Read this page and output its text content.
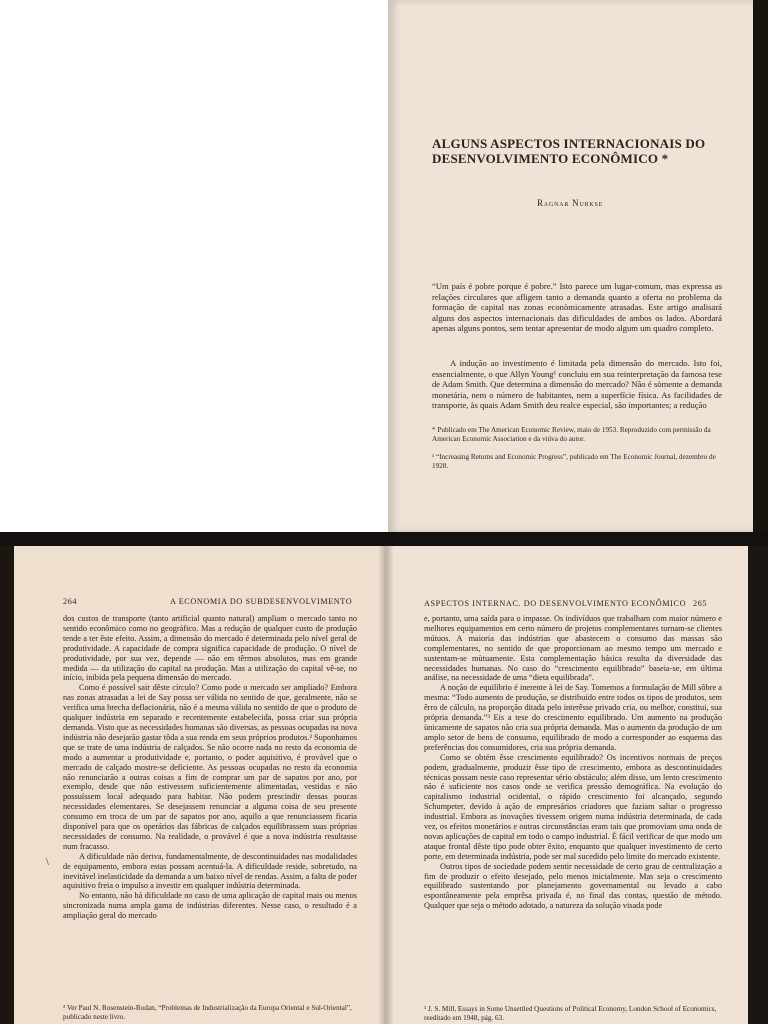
ALGUNS ASPECTOS INTERNACIONAIS DO DESENVOLVIMENTO ECONÔMICO *

Ragnar Nurkse

“Um país é pobre porque é pobre.” Isto parece um lugar-comum, mas expressa as relações circulares que afligem tanto a demanda quanto a oferta no problema da formação de capital nas zonas econòmicamente atrasadas. Este artigo analisará alguns dos aspectos internacionais das dificuldades de ambos os lados. Abordará apenas alguns pontos, sem tentar apresentar de modo algum um quadro completo.

A indução ao investimento é limitada pela dimensão do mercado. Isto foi, essencialmente, o que Allyn Young¹ concluiu em sua reinterpretação da famosa tese de Adam Smith. Que determina a dimensão do mercado? Não é sòmente a demanda monetária, nem o número de habitantes, nem a superfície física. As facilidades de transporte, às quais Adam Smith deu realce especial, são importantes; a redução

* Publicado em The American Economic Review, maio de 1953. Reproduzido com permissão da American Economic Association e da viúva do autor.

¹ “Increasing Returns and Economic Progress”, publicado em The Economic Journal, dezembro de 1928.

264	A ECONOMIA DO SUBDESENVOLVIMENTO	ASPECTOS INTERNAC. DO DESENVOLVIMENTO ECONÔMICO 265
dos custos de transporte (tanto artificial quanto natural) ampliam o mercado tanto no sentido econômico como no geográfico. Mas a redução de qualquer custo de produção tende a ter êste efeito. Assim, a dimensão do mercado é determinada pelo nível geral de produtividade. A capacidade de compra significa capacidade de produção. O nível de produtividade, por sua vez, depende — não em têrmos absolutos, mas em grande medida — da utilização do capital na produção. Mas a utilização do capital vê-se, no início, inibida pela pequena dimensão do mercado.
Como é possível sair dêste círculo? Como pode o mercado ser ampliado? Embora nas zonas atrasadas a lei de Say possa ser válida no sentido de que, geralmente, não se verifica uma brecha deflacionária, não é a mesma válida no sentido de que o produto de qualquer indústria em separado e recentemente estabelecida, possa criar sua própria demanda. Visto que as necessidades humanas são diversas, as pessoas ocupadas na nova indústria não desejarão gastar tôda a sua renda em seus próprios produtos.² Suponhamos que se trate de uma indústria de calçados. Se não ocorre nada no resto da economia de modo a aumentar a produtividade e, portanto, o poder aquisitivo, é provável que o mercado de calçado mostre-se deficiente. As pessoas ocupadas no resto da economia não renunciarão a outras coisas a fim de comprar um par de sapatos por ano, por exemplo, desde que não estivessem suficientemente alimentadas, vestidas e não possuíssem local adequado para habitar. Não podem prescindir dessas poucas necessidades elementares. Se desejassem renunciar a alguma coisa de seu presente consumo em troca de um par de sapatos por ano, aquilo a que renunciassem ficaria disponível para que os operários das fábricas de calçados equilibrassem suas próprias necessidades de consumo. Na realidade, o provável é que a nova indústria resultasse num fracasso.
A dificuldade não deriva, fundamentalmente, de descontinuidades nas modalidades de equipamento, embora estas possam acentuá-la. A dificuldade reside, sobretudo, na inevitável inelasticidade da demanda a um baixo nível de rendas. Assim, a falta de poder aquisitivo freia o impulso a investir em qualquer indústria determinada.
No entanto, não há dificuldade no caso de uma aplicação de capital mais ou menos sincronizada numa ampla gama de indústrias diferentes. Nesse caso, o resultado é a ampliação geral do mercado
\
e, portanto, uma saída para o impasse. Os indivíduos que trabalham com maior número e melhores equipamentos em certo número de projetos complementares tornam-se clientes mútuos. A maioria das indústrias que abastecem o consumo das massas são complementares, no sentido de que proporcionam ao mesmo tempo um mercado e sustentam-se mùtuamente. Esta complementação básica resulta da diversidade das necessidades humanas. No caso do “crescimento equilibrado” baseia-se, em última análise, na necessidade de uma “dieta equilibrada”.
A noção de equilíbrio é inerente à lei de Say. Tomemos a formulação de Mill sôbre a mesma: “Todo aumento de produção, se distribuído entre todos os tipos de produtos, sem êrro de cálculo, na proporção ditada pelo interêsse privado cria, ou melhor, constitui, sua própria demanda.”³ Eis a tese do crescimento equilibrado. Um aumento na produção ùnicamente de sapatos não cria sua própria demanda. Mas o aumento da produção de um amplo setor de bens de consumo, equilibrado de modo a corresponder ao esquema das preferências dos consumidores, cria sua própria demanda.
Como se obtém êsse crescimento equilibrado? Os incentivos normais de preços podem, gradualmente, produzir êsse tipo de crescimento, embora as descontinuidades técnicas possam neste caso representar sério obstáculo; além disso, um lento crescimento não é suficiente nos casos onde se verifica pressão demográfica. Na evolução do capitalismo industrial ocidental, o rápido crescimento foi alcançado, segundo Schumpeter, devido à ação de empresários criadores que faziam saltar o progresso industrial. Embora as inovações tivessem origem numa indústria determinada, de cada vez, os efeitos monetários e outras circunstâncias eram tais que promoviam uma onda de novas aplicações de capital em todo o campo industrial. É fácil verificar de que modo um ataque frontal dêste tipo pode obter êxito, enquanto que qualquer investimento de certo porte, em determinada indústria, pode ser mal sucedido pelo limite do mercado existente.
Outros tipos de sociedade podem sentir necessidade de certo grau de centralização a fim de produzir o efeito desejado, pelo menos inicialmente. Mas seja o crescimento equilibrado sustentando por planejamento governamental ou levado a cabo espontâneamente pela emprêsa privada é, no final das contas, questão de método. Qualquer que seja o método adotado, a natureza da solução visada pode

² Ver Paul N. Rosenstein-Rodan, “Problemas de Industrialização da Europa Oriental e Sul-Oriental”, publicado neste livro.

³ J. S. Mill, Essays in Some Unsettled Questions of Political Economy, London School of Economics, reeditado em 1948, pág. 63.
